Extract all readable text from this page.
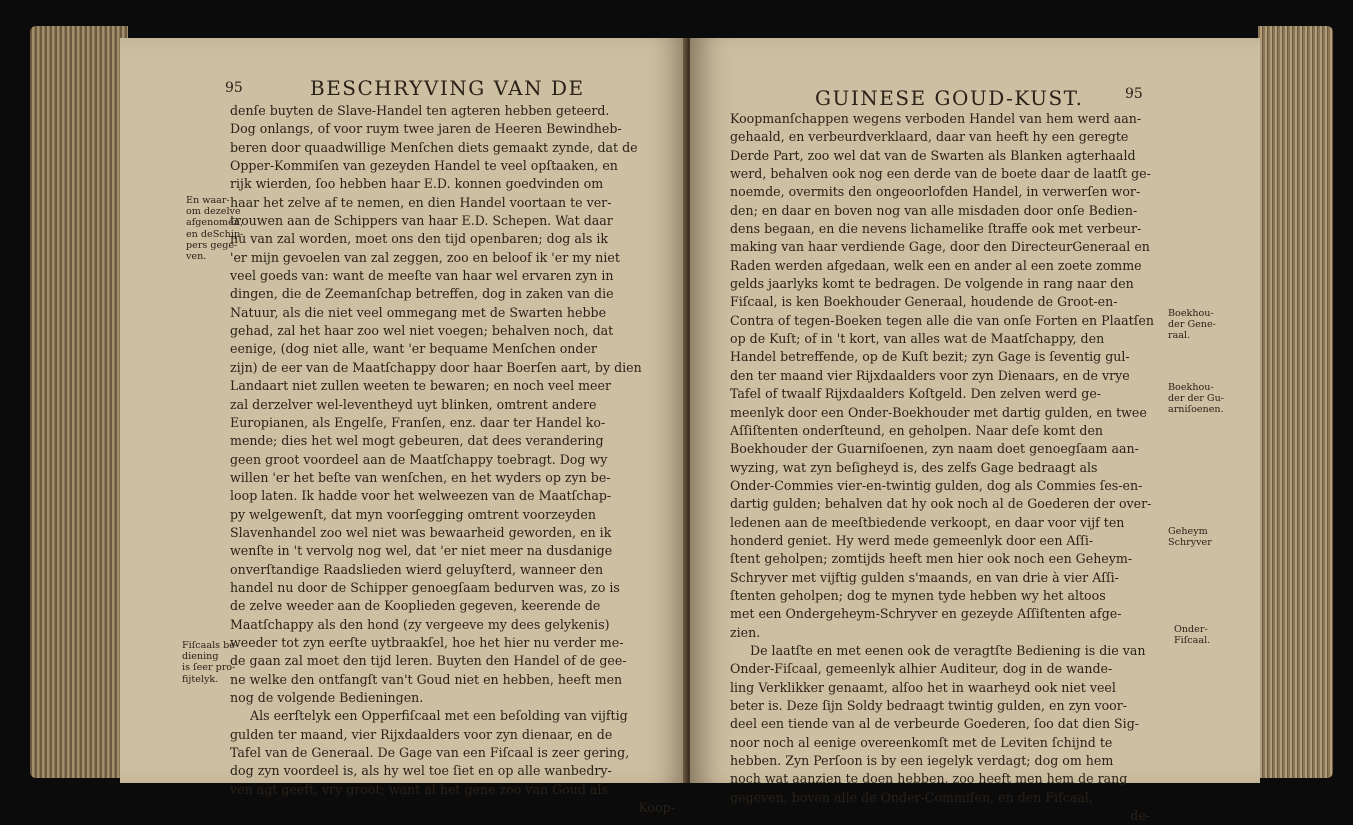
95	BESCHRYVING VAN DE
denſe buyten de Slave-Handel ten agteren hebben geteerd.
Dog onlangs, of voor ruym twee jaren de Heeren Bewindheb-
beren door quaadwillige Menſchen diets gemaakt zynde, dat de
Opper-Kommiſen van gezeyden Handel te veel opſtaaken, en
rijk wierden, ſoo hebben haar E.D. konnen goedvinden om
haar het zelve af te nemen, en dien Handel voortaan te ver-
trouwen aan de Schippers van haar E.D. Schepen. Wat daar
nu van zal worden, moet ons den tijd openbaren; dog als ik
'er mijn gevoelen van zal zeggen, zoo en beloof ik 'er my niet
veel goeds van: want de meeſte van haar wel ervaren zyn in
dingen, die de Zeemanſchap betreffen, dog in zaken van die
Natuur, als die niet veel ommegang met de Swarten hebbe
gehad, zal het haar zoo wel niet voegen; behalven noch, dat
eenige, (dog niet alle, want 'er bequame Menſchen onder
zijn) de eer van de Maatſchappy door haar Boerſen aart, by dien
Landaart niet zullen weeten te bewaren; en noch veel meer
zal derzelver wel-leventheyd uyt blinken, omtrent andere
Europianen, als Engelſe, Franſen, enz. daar ter Handel ko-
mende; dies het wel mogt gebeuren, dat dees verandering
geen groot voordeel aan de Maatſchappy toebragt. Dog wy
willen 'er het beſte van wenſchen, en het wyders op zyn be-
loop laten. Ik hadde voor het welweezen van de Maatſchap-
py welgewenſt, dat myn voorſegging omtrent voorzeyden
Slavenhandel zoo wel niet was bewaarheid geworden, en ik
wenſte in 't vervolg nog wel, dat 'er niet meer na dusdanige
onverſtandige Raadslieden wierd geluyſterd, wanneer den
handel nu door de Schipper genoegſaam bedurven was, zo is
de zelve weeder aan de Kooplieden gegeven, keerende de
Maatſchappy als den hond (zy vergeeve my dees gelykenis)
weeder tot zyn eerſte uytbraakſel, hoe het hier nu verder me-
de gaan zal moet den tijd leren. Buyten den Handel of de gee-
ne welke den ontfangſt van't Goud niet en hebben, heeft men
nog de volgende Bedieningen.
Als eerſtelyk een Opperfiſcaal met een beſolding van vijftig
gulden ter maand, vier Rijxdaalders voor zyn dienaar, en de
Tafel van de Generaal. De Gage van een Fiſcaal is zeer gering,
dog zyn voordeel is, als hy wel toe ſiet en op alle wanbedry-
ven agt geeft, vry groot; want al het gene zoo van Goud als
Koop-
En waar-
om dezelve
afgenomen,
en deSchip-
pers gege-
ven.
Fiſcaals be-
diening
is ſeer pro-
fijtelyk.
GUINESE GOUD-KUST.	95
Koopmanſchappen wegens verboden Handel van hem werd aan-
gehaald, en verbeurdverklaard, daar van heeft hy een geregte
Derde Part, zoo wel dat van de Swarten als Blanken agterhaald
werd, behalven ook nog een derde van de boete daar de laatſt ge-
noemde, overmits den ongeoorlofden Handel, in verwerſen wor-
den; en daar en boven nog van alle misdaden door onſe Bedien-
dens begaan, en die nevens lichamelike ſtraffe ook met verbeur-
making van haar verdiende Gage, door den DirecteurGeneraal en
Raden werden afgedaan, welk een en ander al een zoete zomme
gelds jaarlyks komt te bedragen. De volgende in rang naar den
Fiſcaal, is ken Boekhouder Generaal, houdende de Groot-en-
Contra of tegen-Boeken tegen alle die van onſe Forten en Plaatſen
op de Kuſt; of in 't kort, van alles wat de Maatſchappy, den
Handel betreffende, op de Kuſt bezit; zyn Gage is ſeventig gul-
den ter maand vier Rijxdaalders voor zyn Dienaars, en de vrye
Tafel of twaalf Rijxdaalders Koſtgeld. Den zelven werd ge-
meenlyk door een Onder-Boekhouder met dartig gulden, en twee
Aſſiſtenten onderſteund, en geholpen. Naar deſe komt den
Boekhouder der Guarniſoenen, zyn naam doet genoegſaam aan-
wyzing, wat zyn beſigheyd is, des zelfs Gage bedraagt als
Onder-Commies vier-en-twintig gulden, dog als Commies ſes-en-
dartig gulden; behalven dat hy ook noch al de Goederen der over-
ledenen aan de meeſtbiedende verkoopt, en daar voor vijf ten
honderd geniet. Hy werd mede gemeenlyk door een Aſſi-
ſtent geholpen; zomtijds heeft men hier ook noch een Geheym-
Schryver met vijftig gulden s'maands, en van drie à vier Aſſi-
ſtenten geholpen; dog te mynen tyde hebben wy het altoos
met een Ondergeheym-Schryver en gezeyde Aſſiſtenten afge-
zien.
De laatſte en met eenen ook de veragtſte Bediening is die van
Onder-Fiſcaal, gemeenlyk alhier Auditeur, dog in de wande-
ling Verklikker genaamt, alſoo het in waarheyd ook niet veel
beter is. Deze ſijn Soldy bedraagt twintig gulden, en zyn voor-
deel een tiende van al de verbeurde Goederen, ſoo dat dien Sig-
noor noch al eenige overeenkomſt met de Leviten ſchijnd te
hebben. Zyn Perſoon is by een iegelyk verdagt; dog om hem
noch wat aanzien te doen hebben, zoo heeft men hem de rang
gegeven, boven alle de Onder-Commiſen, en den Fiſcaal,
de-
Boekhou-
der Gene-
raal.
Boekhou-
der der Gu-
arniſoenen.
Geheym
Schryver
Onder-
Fiſcaal.
